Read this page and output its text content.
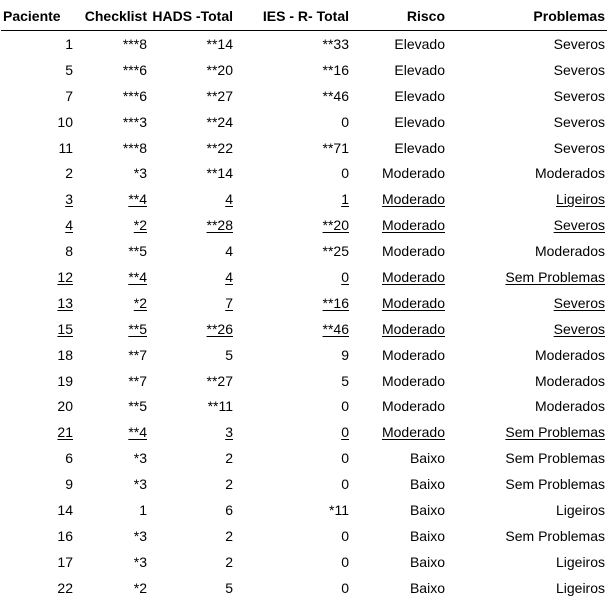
Paciente	Checklist	HADS -Total	IES - R- Total	Risco	Problemas
1	***8	**14	**33	Elevado	Severos
5	***6	**20	**16	Elevado	Severos
7	***6	**27	**46	Elevado	Severos
10	***3	**24	0	Elevado	Severos
11	***8	**22	**71	Elevado	Severos
2	*3	**14	0	Moderado	Moderados
3	**4	4	1	Moderado	Ligeiros
4	*2	**28	**20	Moderado	Severos
8	**5	4	**25	Moderado	Moderados
12	**4	4	0	Moderado	Sem Problemas
13	*2	7	**16	Moderado	Severos
15	**5	**26	**46	Moderado	Severos
18	**7	5	9	Moderado	Moderados
19	**7	**27	5	Moderado	Moderados
20	**5	**11	0	Moderado	Moderados
21	**4	3	0	Moderado	Sem Problemas
6	*3	2	0	Baixo	Sem Problemas
9	*3	2	0	Baixo	Sem Problemas
14	1	6	*11	Baixo	Ligeiros
16	*3	2	0	Baixo	Sem Problemas
17	*3	2	0	Baixo	Ligeiros
22	*2	5	0	Baixo	Ligeiros
